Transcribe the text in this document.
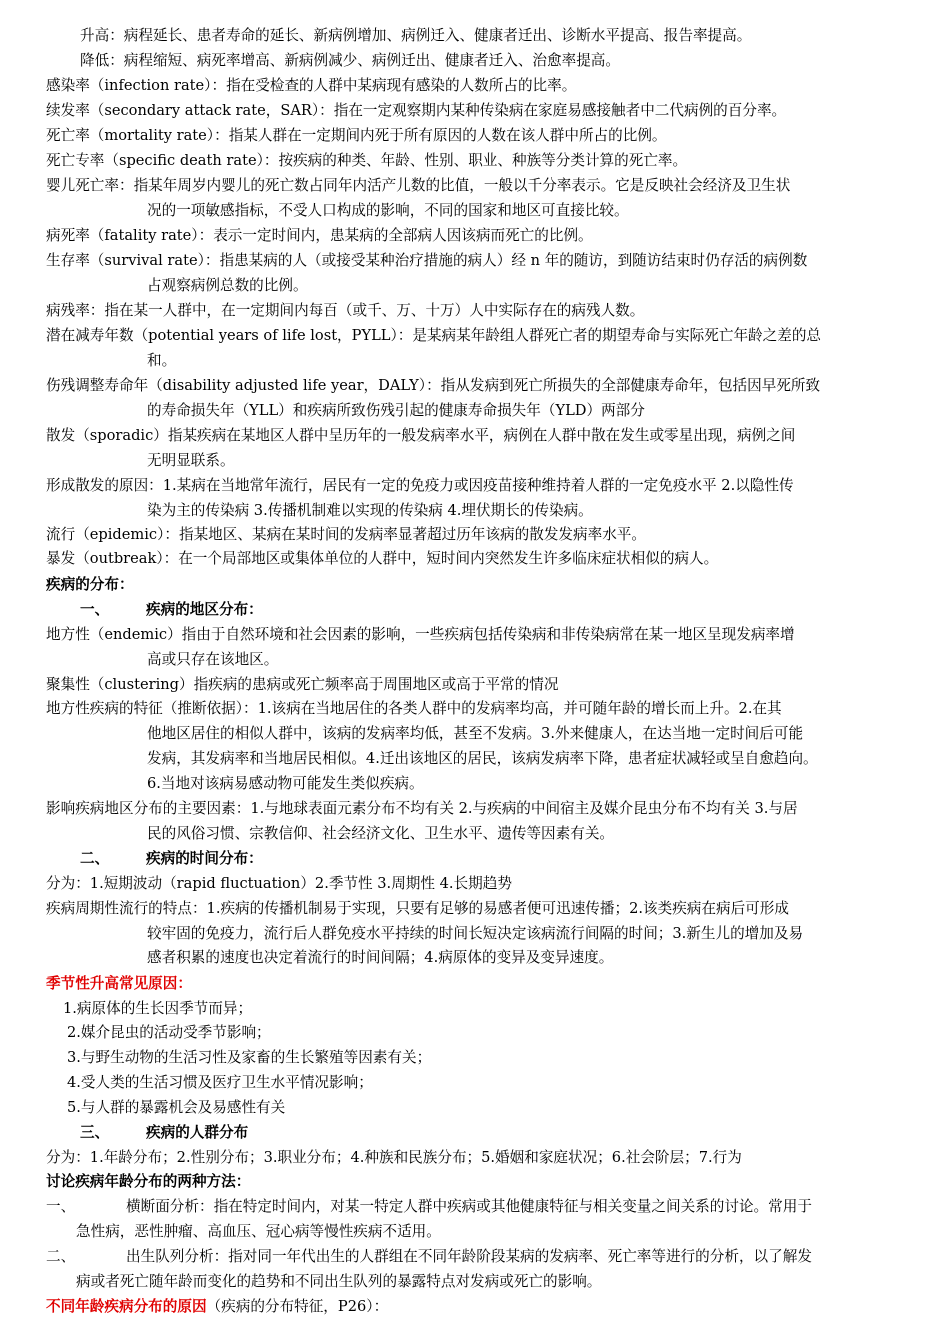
升高：病程延长、患者寿命的延长、新病例增加、病例迁入、健康者迁出、诊断水平提高、报告率提高。
降低：病程缩短、病死率增高、新病例减少、病例迁出、健康者迁入、治愈率提高。
感染率（infection rate）：指在受检查的人群中某病现有感染的人数所占的比率。
续发率（secondary attack rate，SAR）：指在一定观察期内某种传染病在家庭易感接触者中二代病例的百分率。
死亡率（mortality rate）：指某人群在一定期间内死于所有原因的人数在该人群中所占的比例。
死亡专率（specific death rate）：按疾病的种类、年龄、性别、职业、种族等分类计算的死亡率。
婴儿死亡率：指某年周岁内婴儿的死亡数占同年内活产儿数的比值，一般以千分率表示。它是反映社会经济及卫生状
况的一项敏感指标，不受人口构成的影响，不同的国家和地区可直接比较。
病死率（fatality rate）：表示一定时间内，患某病的全部病人因该病而死亡的比例。
生存率（survival rate）：指患某病的人（或接受某种治疗措施的病人）经 n 年的随访，到随访结束时仍存活的病例数
占观察病例总数的比例。
病残率：指在某一人群中，在一定期间内每百（或千、万、十万）人中实际存在的病残人数。
潜在减寿年数（potential years of life lost，PYLL）：是某病某年龄组人群死亡者的期望寿命与实际死亡年龄之差的总
和。
伤残调整寿命年（disability adjusted life year，DALY）：指从发病到死亡所损失的全部健康寿命年，包括因早死所致
的寿命损失年（YLL）和疾病所致伤残引起的健康寿命损失年（YLD）两部分
散发（sporadic）指某疾病在某地区人群中呈历年的一般发病率水平，病例在人群中散在发生或零星出现，病例之间
无明显联系。
形成散发的原因：1.某病在当地常年流行，居民有一定的免疫力或因疫苗接种维持着人群的一定免疫水平 2.以隐性传
染为主的传染病 3.传播机制难以实现的传染病 4.埋伏期长的传染病。
流行（epidemic）：指某地区、某病在某时间的发病率显著超过历年该病的散发发病率水平。
暴发（outbreak）：在一个局部地区或集体单位的人群中，短时间内突然发生许多临床症状相似的病人。
疾病的分布：
一、	疾病的地区分布：
地方性（endemic）指由于自然环境和社会因素的影响，一些疾病包括传染病和非传染病常在某一地区呈现发病率增
高或只存在该地区。
聚集性（clustering）指疾病的患病或死亡频率高于周围地区或高于平常的情况
地方性疾病的特征（推断依据）：1.该病在当地居住的各类人群中的发病率均高，并可随年龄的增长而上升。2.在其
他地区居住的相似人群中，该病的发病率均低，甚至不发病。3.外来健康人，在达当地一定时间后可能
发病，其发病率和当地居民相似。4.迁出该地区的居民，该病发病率下降，患者症状减轻或呈自愈趋向。
6.当地对该病易感动物可能发生类似疾病。
影响疾病地区分布的主要因素：1.与地球表面元素分布不均有关 2.与疾病的中间宿主及媒介昆虫分布不均有关 3.与居
民的风俗习惯、宗教信仰、社会经济文化、卫生水平、遗传等因素有关。
二、	疾病的时间分布：
分为：1.短期波动（rapid fluctuation）2.季节性 3.周期性 4.长期趋势
疾病周期性流行的特点：1.疾病的传播机制易于实现，只要有足够的易感者便可迅速传播；2.该类疾病在病后可形成
较牢固的免疫力，流行后人群免疫水平持续的时间长短决定该病流行间隔的时间；3.新生儿的增加及易
感者积累的速度也决定着流行的时间间隔；4.病原体的变异及变异速度。
季节性升高常见原因：
1.病原体的生长因季节而异；
2.媒介昆虫的活动受季节影响；
3.与野生动物的生活习性及家畜的生长繁殖等因素有关；
4.受人类的生活习惯及医疗卫生水平情况影响；
5.与人群的暴露机会及易感性有关
三、	疾病的人群分布
分为：1.年龄分布；2.性别分布；3.职业分布；4.种族和民族分布；5.婚姻和家庭状况；6.社会阶层；7.行为
讨论疾病年龄分布的两种方法：
一、	横断面分析：指在特定时间内，对某一特定人群中疾病或其他健康特征与相关变量之间关系的讨论。常用于
急性病，恶性肿瘤、高血压、冠心病等慢性疾病不适用。
二、	出生队列分析：指对同一年代出生的人群组在不同年龄阶段某病的发病率、死亡率等进行的分析，以了解发
病或者死亡随年龄而变化的趋势和不同出生队列的暴露特点对发病或死亡的影响。
不同年龄疾病分布的原因（疾病的分布特征，P26）：
